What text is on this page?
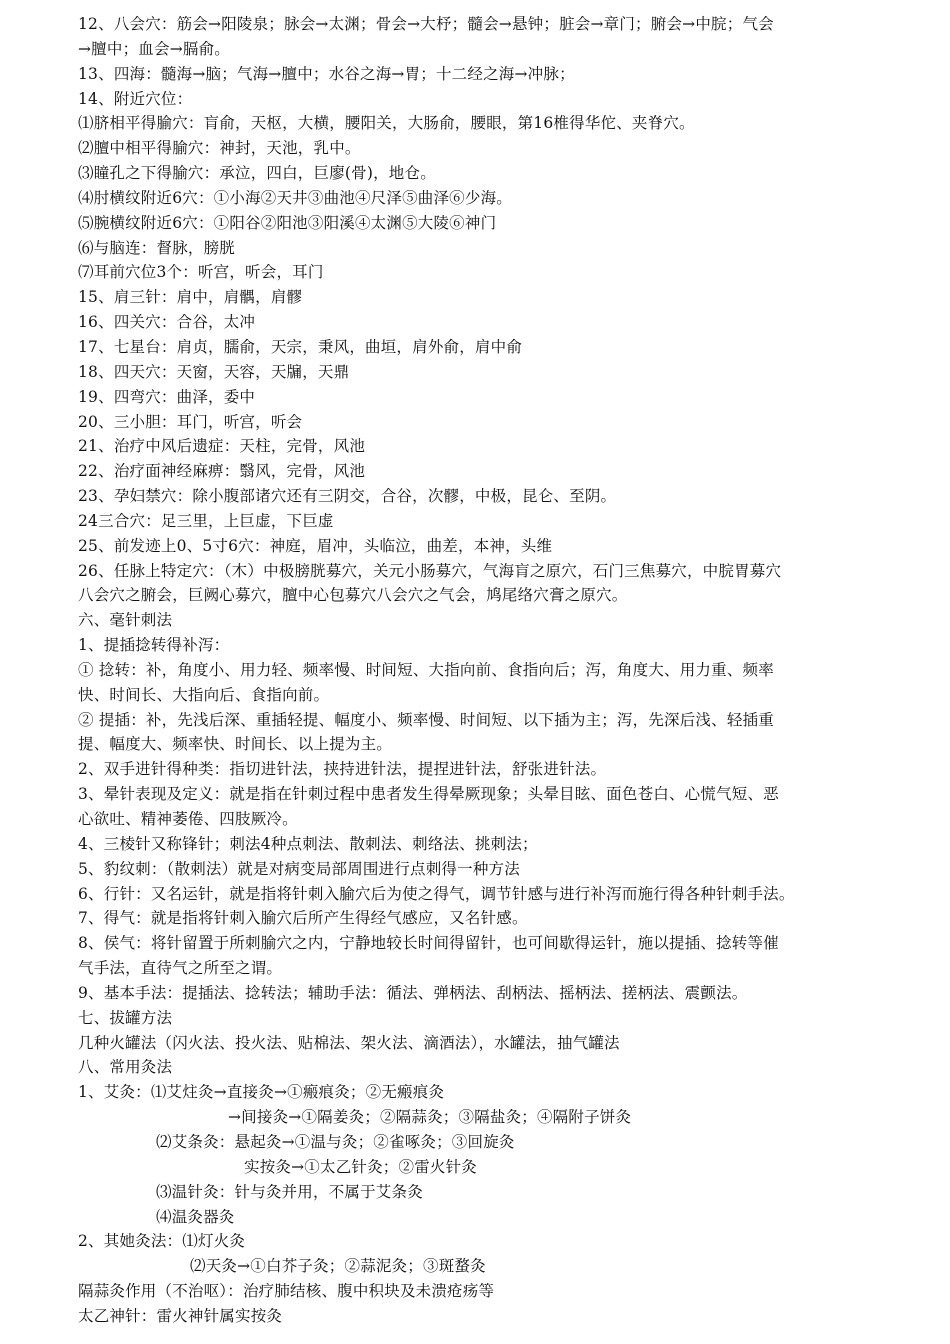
12、八会穴：筋会→阳陵泉；脉会→太渊；骨会→大杼；髓会→悬钟；脏会→章门；腑会→中脘；气会
→膻中；血会→膈俞。
13、四海：髓海→脑；气海→膻中；水谷之海→胃；十二经之海→冲脉；
14、附近穴位：
⑴脐相平得腧穴：肓俞，天枢，大横，腰阳关，大肠俞，腰眼，第16椎得华佗、夹脊穴。
⑵膻中相平得腧穴：神封，天池，乳中。
⑶瞳孔之下得腧穴：承泣，四白，巨廖(骨)，地仓。
⑷肘横纹附近6穴：①小海②天井③曲池④尺泽⑤曲泽⑥少海。
⑸腕横纹附近6穴：①阳谷②阳池③阳溪④太渊⑤大陵⑥神门
⑹与脑连：督脉，膀胱
⑺耳前穴位3个：听宫，听会，耳门
15、肩三针：肩中，肩髃，肩髎
16、四关穴：合谷，太冲
17、七星台：肩贞，臑俞，天宗，秉风，曲垣，肩外俞，肩中俞
18、四天穴：天窗，天容，天牖，天鼎
19、四弯穴：曲泽，委中
20、三小胆：耳门，听宫，听会
21、治疗中风后遗症：天柱，完骨，风池
22、治疗面神经麻痹：翳风，完骨，风池
23、孕妇禁穴：除小腹部诸穴还有三阴交，合谷，次髎，中极，昆仑、至阴。
24三合穴：足三里，上巨虚，下巨虚
25、前发迹上0、5寸6穴：神庭，眉冲，头临泣，曲差，本神，头维
26、任脉上特定穴：（木）中极膀胱募穴，关元小肠募穴，气海肓之原穴，石门三焦募穴，中脘胃募穴
八会穴之腑会，巨阙心募穴，膻中心包募穴八会穴之气会，鸠尾络穴膏之原穴。
六、毫针刺法
1、提插捻转得补泻：
① 捻转：补，角度小、用力轻、频率慢、时间短、大指向前、食指向后；泻，角度大、用力重、频率
快、时间长、大指向后、食指向前。
② 提插：补，先浅后深、重插轻提、幅度小、频率慢、时间短、以下插为主；泻，先深后浅、轻插重
提、幅度大、频率快、时间长、以上提为主。
2、双手进针得种类：指切进针法，挟持进针法，提捏进针法，舒张进针法。
3、晕针表现及定义：就是指在针刺过程中患者发生得晕厥现象；头晕目眩、面色苍白、心慌气短、恶
心欲吐、精神萎倦、四肢厥冷。
4、三棱针又称锋针；刺法4种点刺法、散刺法、刺络法、挑刺法；
5、豹纹刺：（散刺法）就是对病变局部周围进行点刺得一种方法
6、行针：又名运针，就是指将针刺入腧穴后为使之得气，调节针感与进行补泻而施行得各种针刺手法。
7、得气：就是指将针刺入腧穴后所产生得经气感应，又名针感。
8、侯气：将针留置于所刺腧穴之内，宁静地较长时间得留针，也可间歇得运针，施以提插、捻转等催
气手法，直待气之所至之谓。
9、基本手法：提插法、捻转法；辅助手法：循法、弹柄法、刮柄法、摇柄法、搓柄法、震颤法。
七、拔罐方法
几种火罐法（闪火法、投火法、贴棉法、架火法、滴酒法），水罐法，抽气罐法
八、常用灸法
1、艾灸：⑴艾炷灸→直接灸→①瘢痕灸；②无瘢痕灸
→间接灸→①隔姜灸；②隔蒜灸；③隔盐灸；④隔附子饼灸
⑵艾条灸：悬起灸→①温与灸；②雀啄灸；③回旋灸
实按灸→①太乙针灸；②雷火针灸
⑶温针灸：针与灸并用，不属于艾条灸
⑷温灸器灸
2、其她灸法：⑴灯火灸
⑵天灸→①白芥子灸；②蒜泥灸；③斑蝥灸
隔蒜灸作用（不治呕）：治疗肺结核、腹中积块及未溃疮疡等
太乙神针：雷火神针属实按灸
